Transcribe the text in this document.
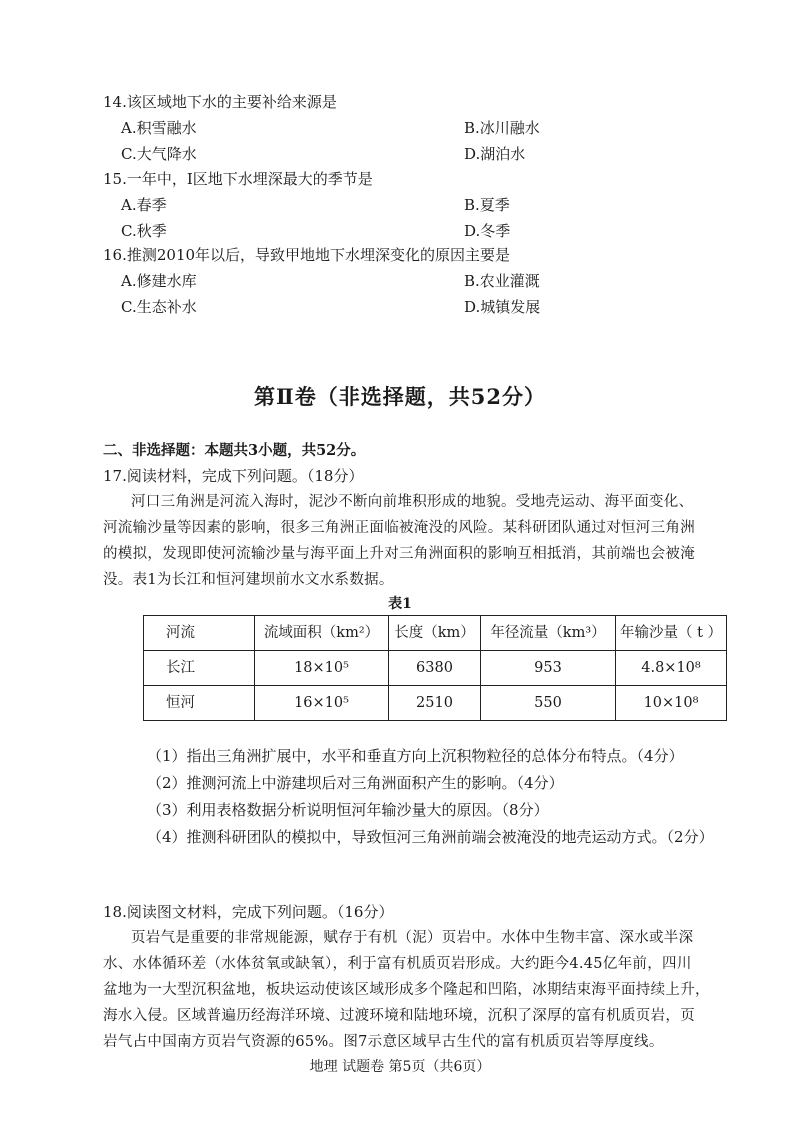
14.该区域地下水的主要补给来源是
A.积雪融水	B.冰川融水
C.大气降水	D.湖泊水
15.一年中，Ⅰ区地下水埋深最大的季节是
A.春季	B.夏季
C.秋季	D.冬季
16.推测2010年以后，导致甲地地下水埋深变化的原因主要是
A.修建水库	B.农业灌溉
C.生态补水	D.城镇发展
第Ⅱ卷（非选择题，共52分）
二、非选择题：本题共3小题，共52分。
17.阅读材料，完成下列问题。（18分）
河口三角洲是河流入海时，泥沙不断向前堆积形成的地貌。受地壳运动、海平面变化、
河流输沙量等因素的影响，很多三角洲正面临被淹没的风险。某科研团队通过对恒河三角洲
的模拟，发现即使河流输沙量与海平面上升对三角洲面积的影响互相抵消，其前端也会被淹
没。表1为长江和恒河建坝前水文水系数据。
表1
河流	流域面积（km²）	长度（km）	年径流量（km³）	年输沙量（ t ）
长江	18×10⁵	6380	953	4.8×10⁸
恒河	16×10⁵	2510	550	10×10⁸
（1）指出三角洲扩展中，水平和垂直方向上沉积物粒径的总体分布特点。（4分）
（2）推测河流上中游建坝后对三角洲面积产生的影响。（4分）
（3）利用表格数据分析说明恒河年输沙量大的原因。（8分）
（4）推测科研团队的模拟中，导致恒河三角洲前端会被淹没的地壳运动方式。（2分）
18.阅读图文材料，完成下列问题。（16分）
页岩气是重要的非常规能源，赋存于有机（泥）页岩中。水体中生物丰富、深水或半深
水、水体循环差（水体贫氧或缺氧），利于富有机质页岩形成。大约距今4.45亿年前，四川
盆地为一大型沉积盆地，板块运动使该区域形成多个隆起和凹陷，冰期结束海平面持续上升，
海水入侵。区域普遍历经海洋环境、过渡环境和陆地环境，沉积了深厚的富有机质页岩，页
岩气占中国南方页岩气资源的65%。图7示意区域早古生代的富有机质页岩等厚度线。
地理 试题卷 第5页（共6页）
